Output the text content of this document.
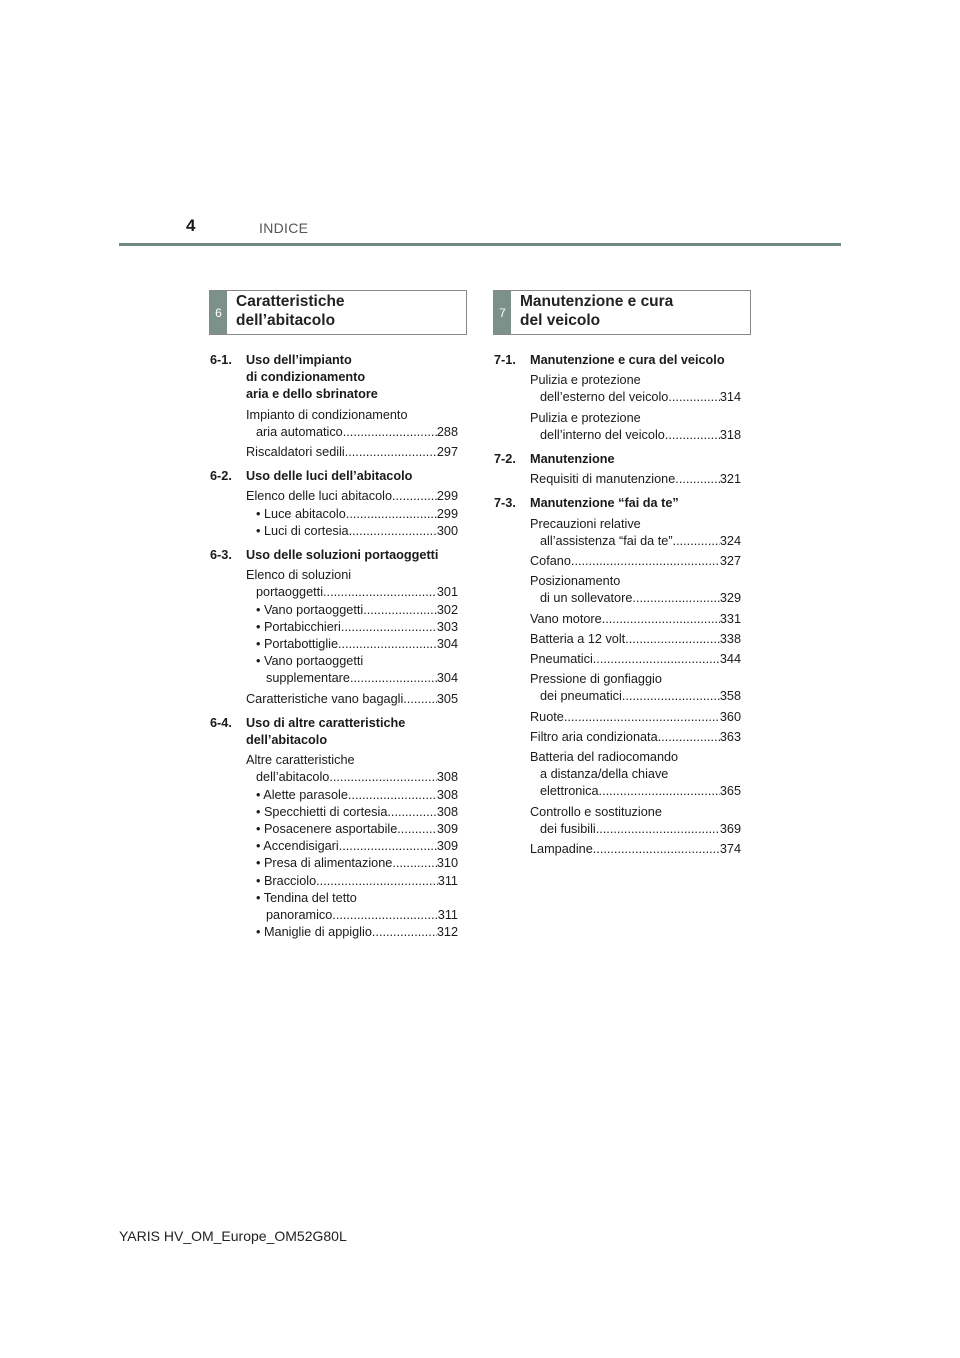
4	INDICE
6
Caratteristiche
dell’abitacolo	7
Manutenzione e cura
del veicolo
6-1. Uso dell’impianto
di condizionamento
aria e dello sbrinatore
Impianto di condizionamento
aria automatico .....	288
Riscaldatori sedili .....	297
6-2. Uso delle luci dell’abitacolo
Elenco delle luci abitacolo .....	299
• Luce abitacolo .....	299
• Luci di cortesia .....	300
6-3. Uso delle soluzioni portaoggetti
Elenco di soluzioni
portaoggetti .....	301
• Vano portaoggetti .....	302
• Portabicchieri .....	303
• Portabottiglie .....	304
• Vano portaoggetti
supplementare .....	304
Caratteristiche vano bagagli .....	305
6-4. Uso di altre caratteristiche
dell’abitacolo
Altre caratteristiche
dell’abitacolo .....	308
• Alette parasole .....	308
• Specchietti di cortesia .....	308
• Posacenere asportabile .....	309
• Accendisigari .....	309
• Presa di alimentazione .....	310
• Bracciolo .....	311
• Tendina del tetto
panoramico .....	311
• Maniglie di appiglio .....	312
7-1. Manutenzione e cura del veicolo
Pulizia e protezione
dell’esterno del veicolo .....	314
Pulizia e protezione
dell’interno del veicolo .....	318
7-2. Manutenzione
Requisiti di manutenzione .....	321
7-3. Manutenzione “fai da te”
Precauzioni relative
all’assistenza “fai da te” .....	324
Cofano .....	327
Posizionamento
di un sollevatore .....	329
Vano motore .....	331
Batteria a 12 volt .....	338
Pneumatici .....	344
Pressione di gonfiaggio
dei pneumatici .....	358
Ruote .....	360
Filtro aria condizionata .....	363
Batteria del radiocomando
a distanza/della chiave
elettronica .....	365
Controllo e sostituzione
dei fusibili .....	369
Lampadine .....	374
YARIS HV_OM_Europe_OM52G80L
